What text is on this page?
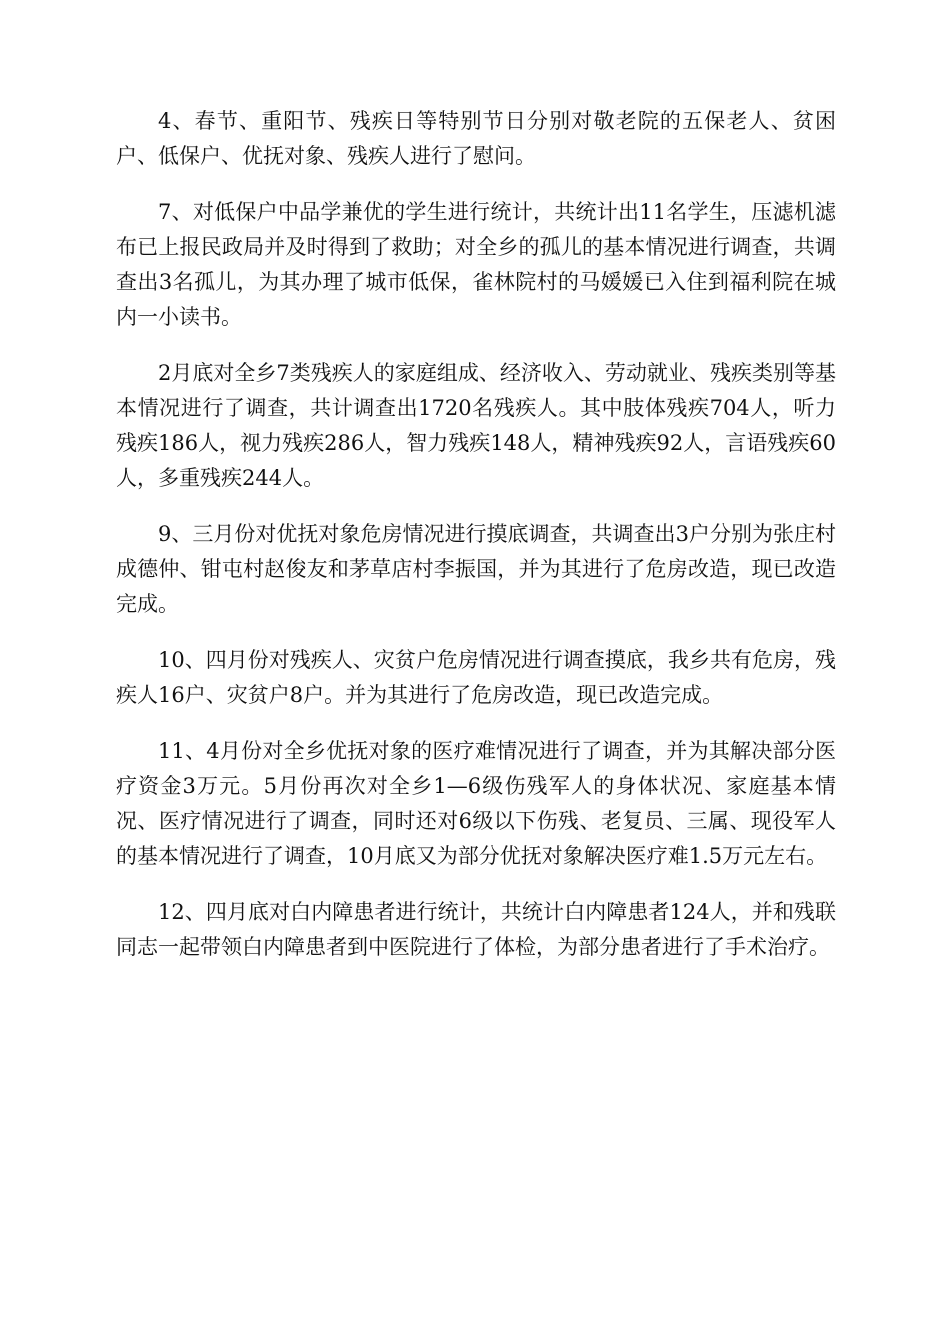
4、春节、重阳节、残疾日等特别节日分别对敬老院的五保老人、贫困户、低保户、优抚对象、残疾人进行了慰问。

7、对低保户中品学兼优的学生进行统计，共统计出11名学生，压滤机滤布已上报民政局并及时得到了救助；对全乡的孤儿的基本情况进行调查，共调查出3名孤儿，为其办理了城市低保，雀林院村的马媛媛已入住到福利院在城内一小读书。

2月底对全乡7类残疾人的家庭组成、经济收入、劳动就业、残疾类别等基本情况进行了调查，共计调查出1720名残疾人。其中肢体残疾704人，听力残疾186人，视力残疾286人，智力残疾148人，精神残疾92人，言语残疾60人，多重残疾244人。

9、三月份对优抚对象危房情况进行摸底调查，共调查出3户分别为张庄村成德仲、钳屯村赵俊友和茅草店村李振国，并为其进行了危房改造，现已改造完成。

10、四月份对残疾人、灾贫户危房情况进行调查摸底，我乡共有危房，残疾人16户、灾贫户8户。并为其进行了危房改造，现已改造完成。

11、4月份对全乡优抚对象的医疗难情况进行了调查，并为其解决部分医疗资金3万元。5月份再次对全乡1—6级伤残军人的身体状况、家庭基本情况、医疗情况进行了调查，同时还对6级以下伤残、老复员、三属、现役军人的基本情况进行了调查，10月底又为部分优抚对象解决医疗难1.5万元左右。

12、四月底对白内障患者进行统计，共统计白内障患者124人，并和残联同志一起带领白内障患者到中医院进行了体检，为部分患者进行了手术治疗。
